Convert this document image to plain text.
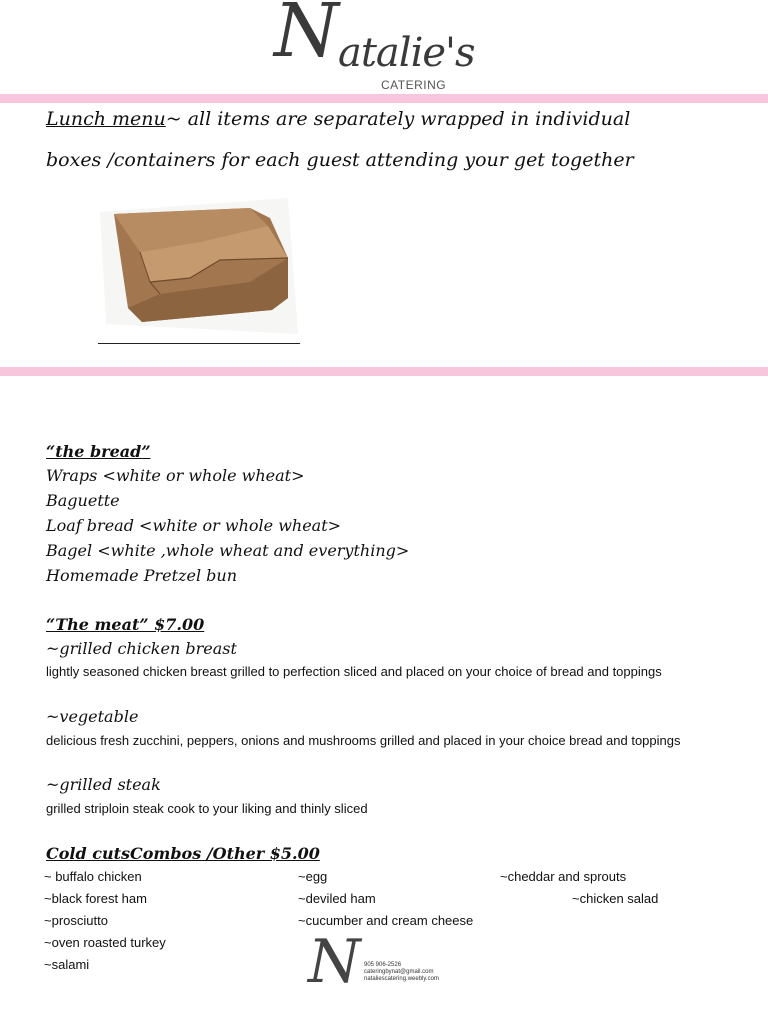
N atalie's
CATERING
Lunch menu~ all items are separately wrapped in individual
boxes /containers for each guest attending your get together
“the bread”
Wraps <white or whole wheat>
Baguette
Loaf bread <white or whole wheat>
Bagel <white ,whole wheat and everything>
Homemade Pretzel bun
“The meat” $7.00
~grilled chicken breast
lightly seasoned chicken breast grilled to perfection sliced and placed on your choice of bread and toppings
~vegetable
delicious fresh zucchini, peppers, onions and mushrooms grilled and placed in your choice bread and toppings
~grilled steak
grilled striploin steak cook to your liking and thinly sliced
Cold cutsCombos /Other $5.00
~ buffalo chicken
~black forest ham
~prosciutto
~oven roasted turkey
~salami
~egg
~deviled ham
~cucumber and cream cheese
~cheddar and sprouts
~chicken salad
N 905 906-2526
cateringbynat@gmail.com
nataliescatering.weebly.com
